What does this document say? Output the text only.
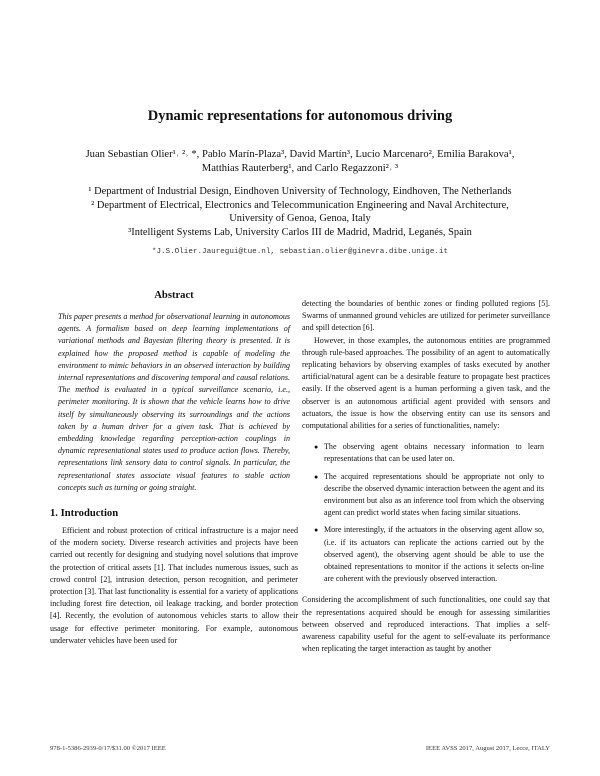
Dynamic representations for autonomous driving
Juan Sebastian Olier¹˒ ²˒ *, Pablo Marín-Plaza³, David Martín³, Lucio Marcenaro², Emilia Barakova¹,
Matthias Rauterberg¹, and Carlo Regazzoni²˒ ³
¹ Department of Industrial Design, Eindhoven University of Technology, Eindhoven, The Netherlands
² Department of Electrical, Electronics and Telecommunication Engineering and Naval Architecture,
University of Genoa, Genoa, Italy
³Intelligent Systems Lab, University Carlos III de Madrid, Madrid, Leganés, Spain
*J.S.Olier.Jauregui@tue.nl, sebastian.olier@ginevra.dibe.unige.it
Abstract

This paper presents a method for observational learning in autonomous agents. A formalism based on deep learning implementations of variational methods and Bayesian filtering theory is presented. It is explained how the proposed method is capable of modeling the environment to mimic behaviors in an observed interaction by building internal representations and discovering temporal and causal relations. The method is evaluated in a typical surveillance scenario, i.e., perimeter monitoring. It is shown that the vehicle learns how to drive itself by simultaneously observing its surroundings and the actions taken by a human driver for a given task. That is achieved by embedding knowledge regarding perception-action couplings in dynamic representational states used to produce action flows. Thereby, representations link sensory data to control signals. In particular, the representational states associate visual features to stable action concepts such as turning or going straight.

1. Introduction

Efficient and robust protection of critical infrastructure is a major need of the modern society. Diverse research activities and projects have been carried out recently for designing and studying novel solutions that improve the protection of critical assets [1]. That includes numerous issues, such as crowd control [2], intrusion detection, person recognition, and perimeter protection [3]. That last functionality is essential for a variety of applications including forest fire detection, oil leakage tracking, and border protection [4]. Recently, the evolution of autonomous vehicles starts to allow their usage for effective perimeter monitoring. For example, autonomous underwater vehicles have been used for

detecting the boundaries of benthic zones or finding polluted regions [5]. Swarms of unmanned ground vehicles are utilized for perimeter surveillance and spill detection [6].

However, in those examples, the autonomous entities are programmed through rule-based approaches. The possibility of an agent to automatically replicating behaviors by observing examples of tasks executed by another artificial/natural agent can be a desirable feature to propagate best practices easily. If the observed agent is a human performing a given task, and the observer is an autonomous artificial agent provided with sensors and actuators, the issue is how the observing entity can use its sensors and computational abilities for a series of functionalities, namely:

● The observing agent obtains necessary information to learn representations that can be used later on.
● The acquired representations should be appropriate not only to describe the observed dynamic interaction between the agent and its environment but also as an inference tool from which the observing agent can predict world states when facing similar situations.
● More interestingly, if the actuators in the observing agent allow so, (i.e. if its actuators can replicate the actions carried out by the observed agent), the observing agent should be able to use the obtained representations to monitor if the actions it selects on-line are coherent with the previously observed interaction.

Considering the accomplishment of such functionalities, one could say that the representations acquired should be enough for assessing similarities between observed and reproduced interactions. That implies a self-awareness capability useful for the agent to self-evaluate its performance when replicating the target interaction as taught by another

978-1-5386-2939-0/17/$31.00 ©2017 IEEE	IEEE AVSS 2017, August 2017, Lecce, ITALY
